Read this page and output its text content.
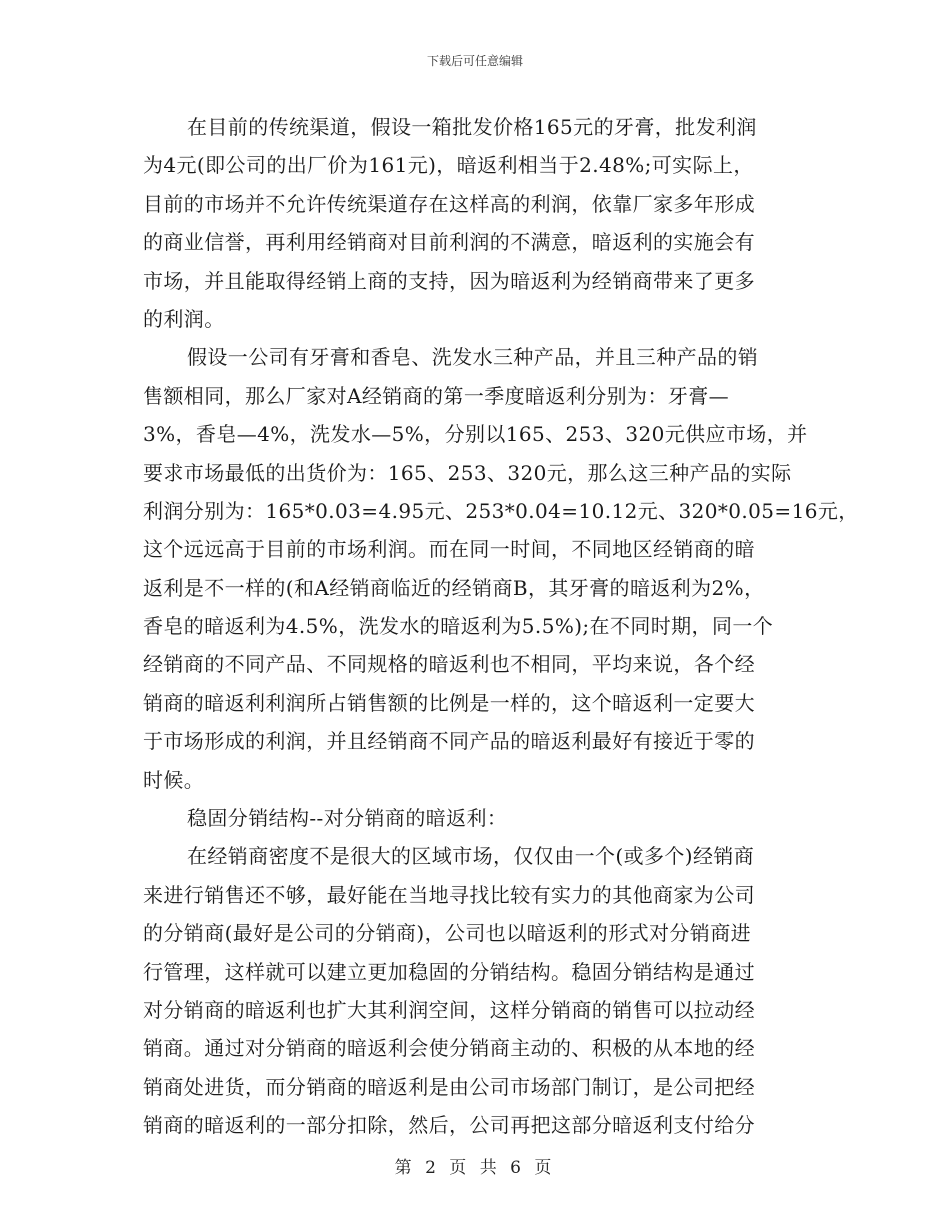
下载后可任意编辑
在目前的传统渠道，假设一箱批发价格165元的牙膏，批发利润
为4元(即公司的出厂价为161元)，暗返利相当于2.48%;可实际上，
目前的市场并不允许传统渠道存在这样高的利润，依靠厂家多年形成
的商业信誉，再利用经销商对目前利润的不满意，暗返利的实施会有
市场，并且能取得经销上商的支持，因为暗返利为经销商带来了更多
的利润。
假设一公司有牙膏和香皂、洗发水三种产品，并且三种产品的销
售额相同，那么厂家对A经销商的第一季度暗返利分别为：牙膏—
3%，香皂—4%，洗发水—5%，分别以165、253、320元供应市场，并
要求市场最低的出货价为：165、253、320元，那么这三种产品的实际
利润分别为：165*0.03=4.95元、253*0.04=10.12元、320*0.05=16元，
这个远远高于目前的市场利润。而在同一时间，不同地区经销商的暗
返利是不一样的(和A经销商临近的经销商B，其牙膏的暗返利为2%，
香皂的暗返利为4.5%，洗发水的暗返利为5.5%);在不同时期，同一个
经销商的不同产品、不同规格的暗返利也不相同，平均来说，各个经
销商的暗返利利润所占销售额的比例是一样的，这个暗返利一定要大
于市场形成的利润，并且经销商不同产品的暗返利最好有接近于零的
时候。
稳固分销结构--对分销商的暗返利：
在经销商密度不是很大的区域市场，仅仅由一个(或多个)经销商
来进行销售还不够，最好能在当地寻找比较有实力的其他商家为公司
的分销商(最好是公司的分销商)，公司也以暗返利的形式对分销商进
行管理，这样就可以建立更加稳固的分销结构。稳固分销结构是通过
对分销商的暗返利也扩大其利润空间，这样分销商的销售可以拉动经
销商。通过对分销商的暗返利会使分销商主动的、积极的从本地的经
销商处进货，而分销商的暗返利是由公司市场部门制订，是公司把经
销商的暗返利的一部分扣除，然后，公司再把这部分暗返利支付给分
第 2 页 共 6 页
